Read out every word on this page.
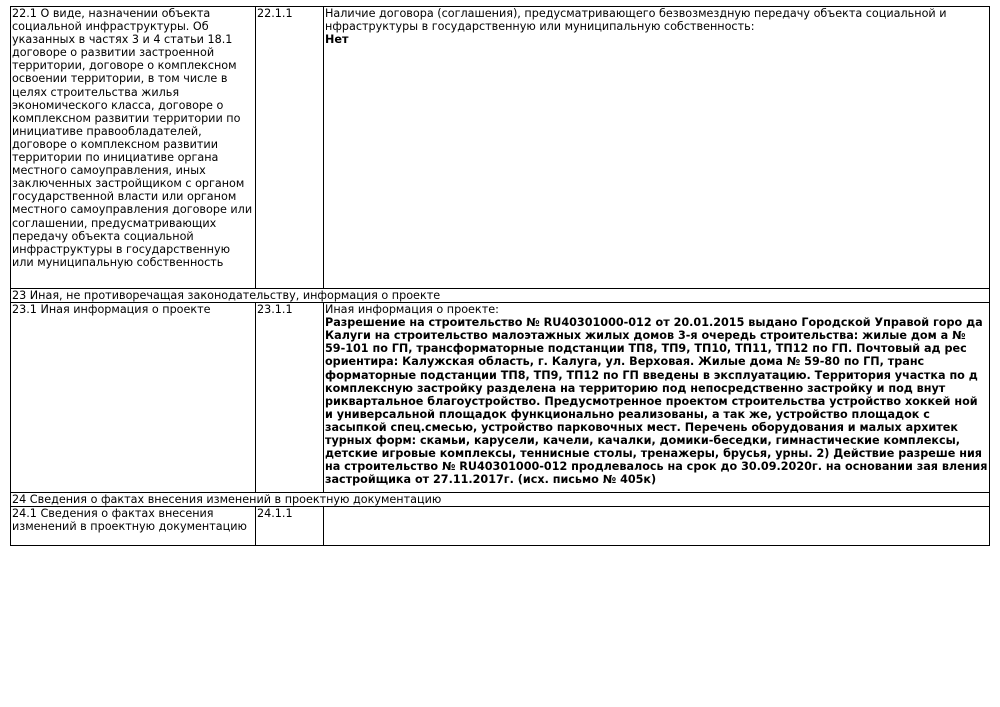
22.1 О виде, назначении объекта социальной инфраструктуры. Об указанных в частях 3 и 4 статьи 18.1 договоре о развитии застроенной территории, договоре о комплексном освоении территории, в том числе в целях строительства жилья экономического класса, договоре о комплексном развитии территории по инициативе правообладателей, договоре о комплексном развитии территории по инициативе органа местного самоуправления, иных заключенных застройщиком с органом государственной власти или органом местного самоуправления договоре или соглашении, предусматривающих передачу объекта социальной инфраструктуры в государственную или муниципальную собственность	22.1.1	Наличие договора (соглашения), предусматривающего безвозмездную передачу объекта социальной и нфраструктуры в государственную или муниципальную собственность:
Нет

23 Иная, не противоречащая законодательству, информация о проекте		
23.1 Иная информация о проекте	23.1.1	Иная информация о проекте:
Разрешение на строительство № RU40301000-012 от 20.01.2015 выдано Городской Управой горо да Калуги на строительство малоэтажных жилых домов 3-я очередь строительства: жилые дом а № 59-101 по ГП, трансформаторные подстанции ТП8, ТП9, ТП10, ТП11, ТП12 по ГП. Почтовый ад рес ориентира: Калужская область, г. Калуга, ул. Верховая. Жилые дома № 59-80 по ГП, транс форматорные подстанции ТП8, ТП9, ТП12 по ГП введены в эксплуатацию. Территория участка по д комплексную застройку разделена на территорию под непосредственно застройку и под внут риквартальное благоустройство. Предусмотренное проектом строительства устройство хоккей ной и универсальной площадок функционально реализованы, а так же, устройство площадок с засыпкой спец.смесью, устройство парковочных мест. Перечень оборудования и малых архитек турных форм: скамьи, карусели, качели, качалки, домики-беседки, гимнастические комплексы, детские игровые комплексы, теннисные столы, тренажеры, брусья, урны. 2) Действие разреше ния на строительство № RU40301000-012 продлевалось на срок до 30.09.2020г. на основании зая вления застройщика от 27.11.2017г. (исх. письмо № 405к)

24 Сведения о фактах внесения изменений в проектную документацию		
24.1 Сведения о фактах внесения изменений в проектную документацию	24.1.1	
